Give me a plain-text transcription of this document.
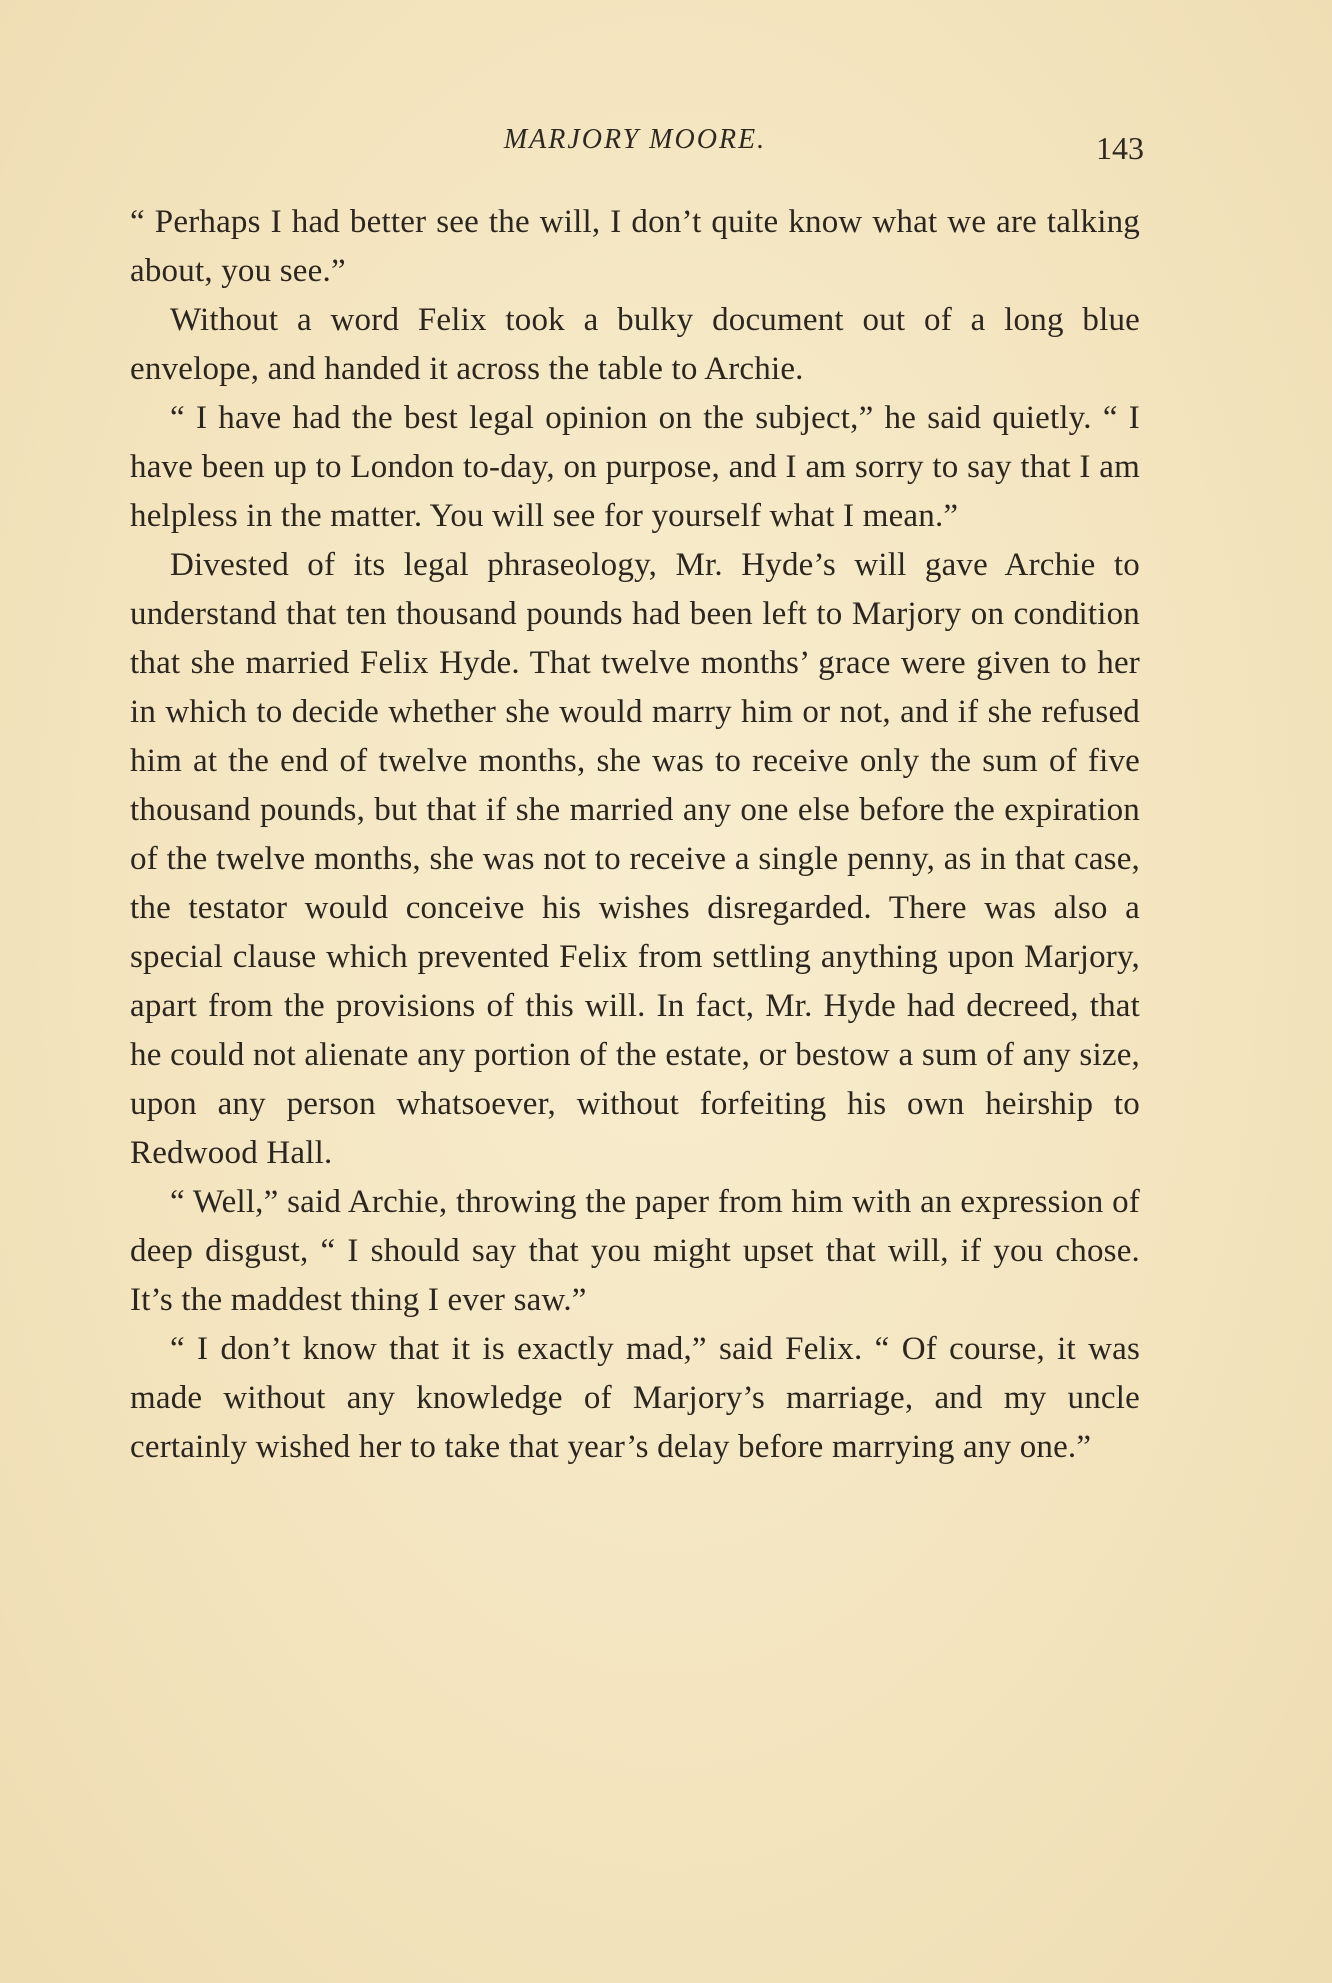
MARJORY MOORE.	143

“ Perhaps I had better see the will, I don’t quite know what we are talking about, you see.”

Without a word Felix took a bulky document out of a long blue envelope, and handed it across the table to Archie.

“ I have had the best legal opinion on the subject,” he said quietly. “ I have been up to London to-day, on purpose, and I am sorry to say that I am helpless in the matter. You will see for yourself what I mean.”

Divested of its legal phraseology, Mr. Hyde’s will gave Archie to understand that ten thousand pounds had been left to Marjory on condition that she married Felix Hyde. That twelve months’ grace were given to her in which to decide whether she would marry him or not, and if she refused him at the end of twelve months, she was to receive only the sum of five thousand pounds, but that if she married any one else before the expiration of the twelve months, she was not to receive a single penny, as in that case, the testator would conceive his wishes disregarded. There was also a special clause which prevented Felix from settling anything upon Marjory, apart from the provisions of this will. In fact, Mr. Hyde had decreed, that he could not alienate any portion of the estate, or bestow a sum of any size, upon any person whatsoever, without forfeiting his own heirship to Redwood Hall.

“ Well,” said Archie, throwing the paper from him with an expression of deep disgust, “ I should say that you might upset that will, if you chose. It’s the maddest thing I ever saw.”

“ I don’t know that it is exactly mad,” said Felix. “ Of course, it was made without any knowledge of Marjory’s marriage, and my uncle certainly wished her to take that year’s delay before marrying any one.”
